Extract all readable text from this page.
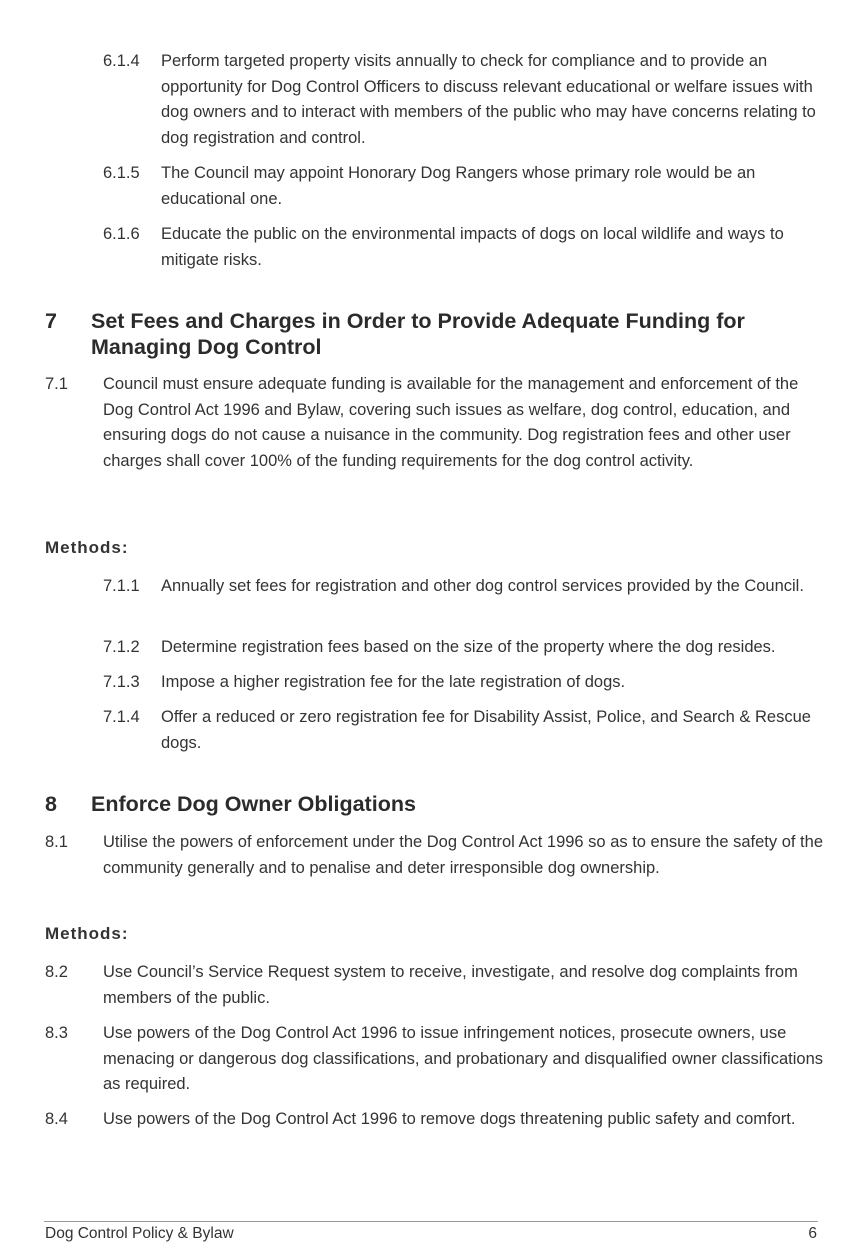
6.1.4 Perform targeted property visits annually to check for compliance and to provide an opportunity for Dog Control Officers to discuss relevant educational or welfare issues with dog owners and to interact with members of the public who may have concerns relating to dog registration and control.
6.1.5 The Council may appoint Honorary Dog Rangers whose primary role would be an educational one.
6.1.6 Educate the public on the environmental impacts of dogs on local wildlife and ways to mitigate risks.
7 Set Fees and Charges in Order to Provide Adequate Funding for Managing Dog Control
7.1 Council must ensure adequate funding is available for the management and enforcement of the Dog Control Act 1996 and Bylaw, covering such issues as welfare, dog control, education, and ensuring dogs do not cause a nuisance in the community. Dog registration fees and other user charges shall cover 100% of the funding requirements for the dog control activity.
Methods:
7.1.1 Annually set fees for registration and other dog control services provided by the Council.
7.1.2 Determine registration fees based on the size of the property where the dog resides.
7.1.3 Impose a higher registration fee for the late registration of dogs.
7.1.4 Offer a reduced or zero registration fee for Disability Assist, Police, and Search & Rescue dogs.
8 Enforce Dog Owner Obligations
8.1 Utilise the powers of enforcement under the Dog Control Act 1996 so as to ensure the safety of the community generally and to penalise and deter irresponsible dog ownership.
Methods:
8.2 Use Council’s Service Request system to receive, investigate, and resolve dog complaints from members of the public.
8.3 Use powers of the Dog Control Act 1996 to issue infringement notices, prosecute owners, use menacing or dangerous dog classifications, and probationary and disqualified owner classifications as required.
8.4 Use powers of the Dog Control Act 1996 to remove dogs threatening public safety and comfort.
Dog Control Policy & Bylaw	6
